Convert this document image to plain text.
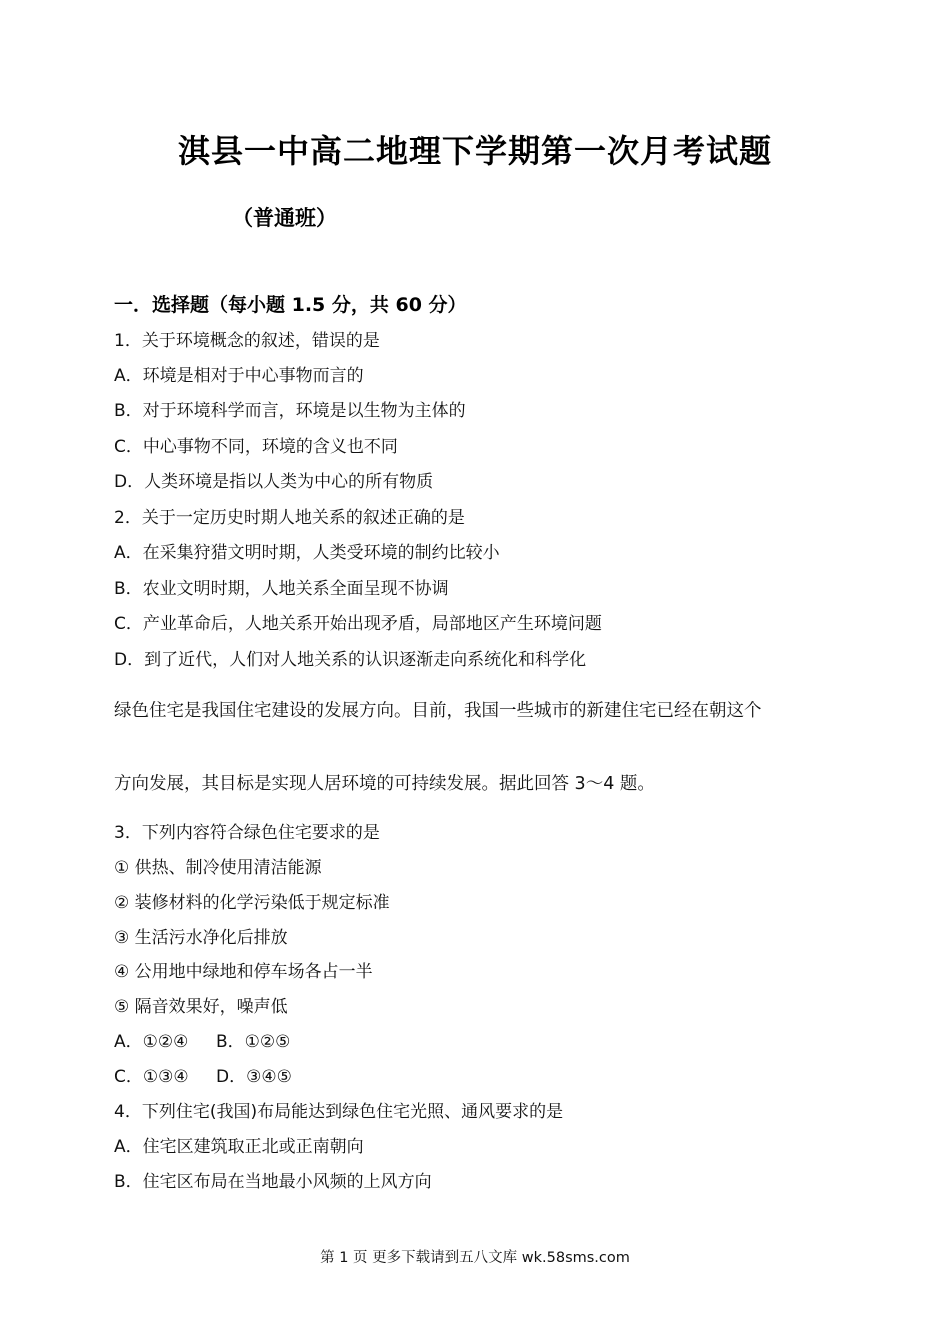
淇县一中高二地理下学期第一次月考试题
（普通班）
一．选择题（每小题 1.5 分，共 60 分）
1．关于环境概念的叙述，错误的是
A．环境是相对于中心事物而言的
B．对于环境科学而言，环境是以生物为主体的
C．中心事物不同，环境的含义也不同
D．人类环境是指以人类为中心的所有物质
2．关于一定历史时期人地关系的叙述正确的是
A．在采集狩猎文明时期，人类受环境的制约比较小
B．农业文明时期，人地关系全面呈现不协调
C．产业革命后，人地关系开始出现矛盾，局部地区产生环境问题
D．到了近代，人们对人地关系的认识逐渐走向系统化和科学化
绿色住宅是我国住宅建设的发展方向。目前，我国一些城市的新建住宅已经在朝这个
方向发展，其目标是实现人居环境的可持续发展。据此回答 3～4 题。
3．下列内容符合绿色住宅要求的是
① 供热、制冷使用清洁能源
② 装修材料的化学污染低于规定标准
③ 生活污水净化后排放
④ 公用地中绿地和停车场各占一半
⑤ 隔音效果好，噪声低
A．①②④ B．①②⑤
C．①③④ D．③④⑤
4．下列住宅(我国)布局能达到绿色住宅光照、通风要求的是
A．住宅区建筑取正北或正南朝向
B．住宅区布局在当地最小风频的上风方向
第 1 页 更多下载请到五八文库 wk.58sms.com
